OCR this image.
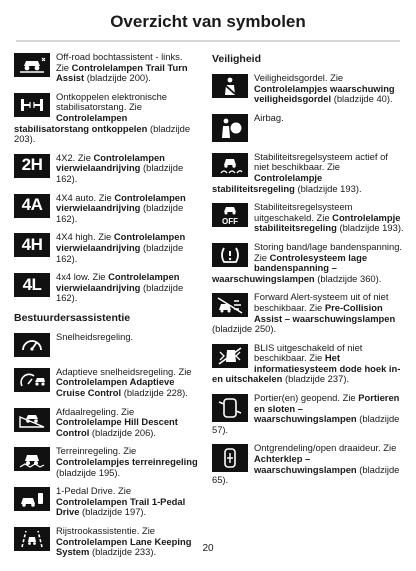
Overzicht van symbolen
Off-road bochtassistent - links. Zie Controlelampen Trail Turn Assist (bladzijde 200).
Ontkoppelen elektronische stabilisatorstang. Zie Controlelampen stabilisatorstang ontkoppelen (bladzijde 203).
2H 4X2. Zie Controlelampen vierwielaandrijving (bladzijde 162).
4A 4X4 auto. Zie Controlelampen vierwielaandrijving (bladzijde 162).
4H 4X4 high. Zie Controlelampen vierwielaandrijving (bladzijde 162).
4L 4x4 low. Zie Controlelampen vierwielaandrijving (bladzijde 162).
Bestuurdersassistentie
Snelheidsregeling.
Adaptieve snelheidsregeling. Zie Controlelampen Adaptieve Cruise Control (bladzijde 228).
Afdaalregeling. Zie Controlelampe Hill Descent Control (bladzijde 206).
Terreinregeling. Zie Controlelampjes terreinregeling (bladzijde 195).
1-Pedal Drive. Zie Controlelampen Trail 1-Pedal Drive (bladzijde 197).
Rijstrookassistentie. Zie Controlelampen Lane Keeping System (bladzijde 233).
Veiligheid
Veiligheidsgordel. Zie Controlelampjes waarschuwing veiligheidsgordel (bladzijde 40).
Airbag.
Stabiliteitsregelsysteem actief of niet beschikbaar. Zie Controlelampje stabiliteitsregeling (bladzijde 193).
OFF
Stabiliteitsregelsysteem uitgeschakeld. Zie Controlelampje stabiliteitsregeling (bladzijde 193).
Storing band/lage bandenspanning. Zie Controlesysteem lage bandenspanning – waarschuwingslampen (bladzijde 360).
Forward Alert-systeem uit of niet beschikbaar. Zie Pre-Collision Assist – waarschuwingslampen (bladzijde 250).
BLIS uitgeschakeld of niet beschikbaar. Zie Het informatiesysteem dode hoek in- en uitschakelen (bladzijde 237).
Portier(en) geopend. Zie Portieren en sloten – waarschuwingslampen (bladzijde 57).
Ontgrendeling/open draaideur. Zie Achterklep – waarschuwingslampen (bladzijde 65).
20
